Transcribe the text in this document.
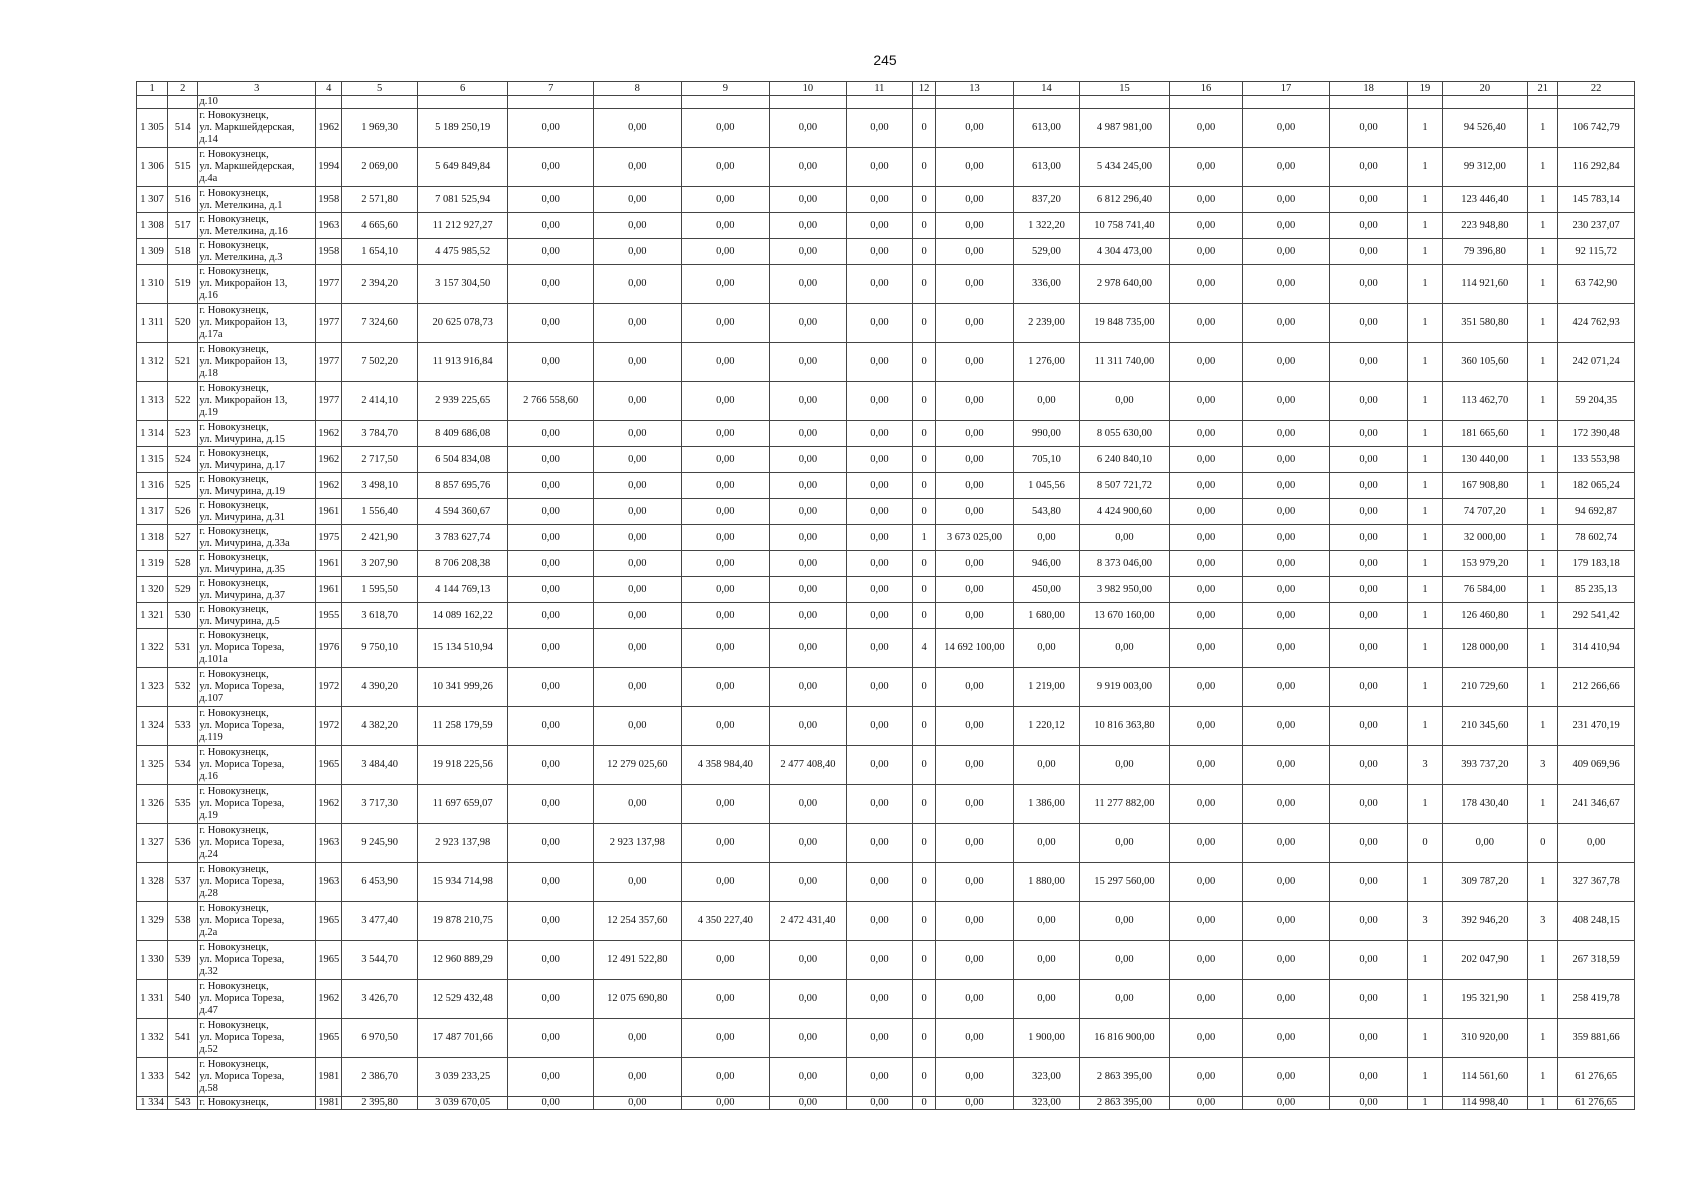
245
1	2	3	4	5	6	7	8	9	10	11	12	13	14	15	16	17	18	19	20	21	22
		д.10																			
1 305	514	г. Новокузнецк,
ул. Маркшейдерская,
д.14	1962	1 969,30	5 189 250,19	0,00	0,00	0,00	0,00	0,00	0	0,00	613,00	4 987 981,00	0,00	0,00	0,00	1	94 526,40	1	106 742,79
1 306	515	г. Новокузнецк,
ул. Маркшейдерская,
д.4а	1994	2 069,00	5 649 849,84	0,00	0,00	0,00	0,00	0,00	0	0,00	613,00	5 434 245,00	0,00	0,00	0,00	1	99 312,00	1	116 292,84
1 307	516	г. Новокузнецк,
ул. Метелкина, д.1	1958	2 571,80	7 081 525,94	0,00	0,00	0,00	0,00	0,00	0	0,00	837,20	6 812 296,40	0,00	0,00	0,00	1	123 446,40	1	145 783,14
1 308	517	г. Новокузнецк,
ул. Метелкина, д.16	1963	4 665,60	11 212 927,27	0,00	0,00	0,00	0,00	0,00	0	0,00	1 322,20	10 758 741,40	0,00	0,00	0,00	1	223 948,80	1	230 237,07
1 309	518	г. Новокузнецк,
ул. Метелкина, д.3	1958	1 654,10	4 475 985,52	0,00	0,00	0,00	0,00	0,00	0	0,00	529,00	4 304 473,00	0,00	0,00	0,00	1	79 396,80	1	92 115,72
1 310	519	г. Новокузнецк,
ул. Микрорайон 13,
д.16	1977	2 394,20	3 157 304,50	0,00	0,00	0,00	0,00	0,00	0	0,00	336,00	2 978 640,00	0,00	0,00	0,00	1	114 921,60	1	63 742,90
1 311	520	г. Новокузнецк,
ул. Микрорайон 13,
д.17а	1977	7 324,60	20 625 078,73	0,00	0,00	0,00	0,00	0,00	0	0,00	2 239,00	19 848 735,00	0,00	0,00	0,00	1	351 580,80	1	424 762,93
1 312	521	г. Новокузнецк,
ул. Микрорайон 13,
д.18	1977	7 502,20	11 913 916,84	0,00	0,00	0,00	0,00	0,00	0	0,00	1 276,00	11 311 740,00	0,00	0,00	0,00	1	360 105,60	1	242 071,24
1 313	522	г. Новокузнецк,
ул. Микрорайон 13,
д.19	1977	2 414,10	2 939 225,65	2 766 558,60	0,00	0,00	0,00	0,00	0	0,00	0,00	0,00	0,00	0,00	0,00	1	113 462,70	1	59 204,35
1 314	523	г. Новокузнецк,
ул. Мичурина, д.15	1962	3 784,70	8 409 686,08	0,00	0,00	0,00	0,00	0,00	0	0,00	990,00	8 055 630,00	0,00	0,00	0,00	1	181 665,60	1	172 390,48
1 315	524	г. Новокузнецк,
ул. Мичурина, д.17	1962	2 717,50	6 504 834,08	0,00	0,00	0,00	0,00	0,00	0	0,00	705,10	6 240 840,10	0,00	0,00	0,00	1	130 440,00	1	133 553,98
1 316	525	г. Новокузнецк,
ул. Мичурина, д.19	1962	3 498,10	8 857 695,76	0,00	0,00	0,00	0,00	0,00	0	0,00	1 045,56	8 507 721,72	0,00	0,00	0,00	1	167 908,80	1	182 065,24
1 317	526	г. Новокузнецк,
ул. Мичурина, д.31	1961	1 556,40	4 594 360,67	0,00	0,00	0,00	0,00	0,00	0	0,00	543,80	4 424 900,60	0,00	0,00	0,00	1	74 707,20	1	94 692,87
1 318	527	г. Новокузнецк,
ул. Мичурина, д.33а	1975	2 421,90	3 783 627,74	0,00	0,00	0,00	0,00	0,00	1	3 673 025,00	0,00	0,00	0,00	0,00	0,00	1	32 000,00	1	78 602,74
1 319	528	г. Новокузнецк,
ул. Мичурина, д.35	1961	3 207,90	8 706 208,38	0,00	0,00	0,00	0,00	0,00	0	0,00	946,00	8 373 046,00	0,00	0,00	0,00	1	153 979,20	1	179 183,18
1 320	529	г. Новокузнецк,
ул. Мичурина, д.37	1961	1 595,50	4 144 769,13	0,00	0,00	0,00	0,00	0,00	0	0,00	450,00	3 982 950,00	0,00	0,00	0,00	1	76 584,00	1	85 235,13
1 321	530	г. Новокузнецк,
ул. Мичурина, д.5	1955	3 618,70	14 089 162,22	0,00	0,00	0,00	0,00	0,00	0	0,00	1 680,00	13 670 160,00	0,00	0,00	0,00	1	126 460,80	1	292 541,42
1 322	531	г. Новокузнецк,
ул. Мориса Тореза,
д.101а	1976	9 750,10	15 134 510,94	0,00	0,00	0,00	0,00	0,00	4	14 692 100,00	0,00	0,00	0,00	0,00	0,00	1	128 000,00	1	314 410,94
1 323	532	г. Новокузнецк,
ул. Мориса Тореза,
д.107	1972	4 390,20	10 341 999,26	0,00	0,00	0,00	0,00	0,00	0	0,00	1 219,00	9 919 003,00	0,00	0,00	0,00	1	210 729,60	1	212 266,66
1 324	533	г. Новокузнецк,
ул. Мориса Тореза,
д.119	1972	4 382,20	11 258 179,59	0,00	0,00	0,00	0,00	0,00	0	0,00	1 220,12	10 816 363,80	0,00	0,00	0,00	1	210 345,60	1	231 470,19
1 325	534	г. Новокузнецк,
ул. Мориса Тореза,
д.16	1965	3 484,40	19 918 225,56	0,00	12 279 025,60	4 358 984,40	2 477 408,40	0,00	0	0,00	0,00	0,00	0,00	0,00	0,00	3	393 737,20	3	409 069,96
1 326	535	г. Новокузнецк,
ул. Мориса Тореза,
д.19	1962	3 717,30	11 697 659,07	0,00	0,00	0,00	0,00	0,00	0	0,00	1 386,00	11 277 882,00	0,00	0,00	0,00	1	178 430,40	1	241 346,67
1 327	536	г. Новокузнецк,
ул. Мориса Тореза,
д.24	1963	9 245,90	2 923 137,98	0,00	2 923 137,98	0,00	0,00	0,00	0	0,00	0,00	0,00	0,00	0,00	0,00	0	0,00	0	0,00
1 328	537	г. Новокузнецк,
ул. Мориса Тореза,
д.28	1963	6 453,90	15 934 714,98	0,00	0,00	0,00	0,00	0,00	0	0,00	1 880,00	15 297 560,00	0,00	0,00	0,00	1	309 787,20	1	327 367,78
1 329	538	г. Новокузнецк,
ул. Мориса Тореза,
д.2а	1965	3 477,40	19 878 210,75	0,00	12 254 357,60	4 350 227,40	2 472 431,40	0,00	0	0,00	0,00	0,00	0,00	0,00	0,00	3	392 946,20	3	408 248,15
1 330	539	г. Новокузнецк,
ул. Мориса Тореза,
д.32	1965	3 544,70	12 960 889,29	0,00	12 491 522,80	0,00	0,00	0,00	0	0,00	0,00	0,00	0,00	0,00	0,00	1	202 047,90	1	267 318,59
1 331	540	г. Новокузнецк,
ул. Мориса Тореза,
д.47	1962	3 426,70	12 529 432,48	0,00	12 075 690,80	0,00	0,00	0,00	0	0,00	0,00	0,00	0,00	0,00	0,00	1	195 321,90	1	258 419,78
1 332	541	г. Новокузнецк,
ул. Мориса Тореза,
д.52	1965	6 970,50	17 487 701,66	0,00	0,00	0,00	0,00	0,00	0	0,00	1 900,00	16 816 900,00	0,00	0,00	0,00	1	310 920,00	1	359 881,66
1 333	542	г. Новокузнецк,
ул. Мориса Тореза,
д.58	1981	2 386,70	3 039 233,25	0,00	0,00	0,00	0,00	0,00	0	0,00	323,00	2 863 395,00	0,00	0,00	0,00	1	114 561,60	1	61 276,65
1 334	543	г. Новокузнецк,	1981	2 395,80	3 039 670,05	0,00	0,00	0,00	0,00	0,00	0	0,00	323,00	2 863 395,00	0,00	0,00	0,00	1	114 998,40	1	61 276,65
